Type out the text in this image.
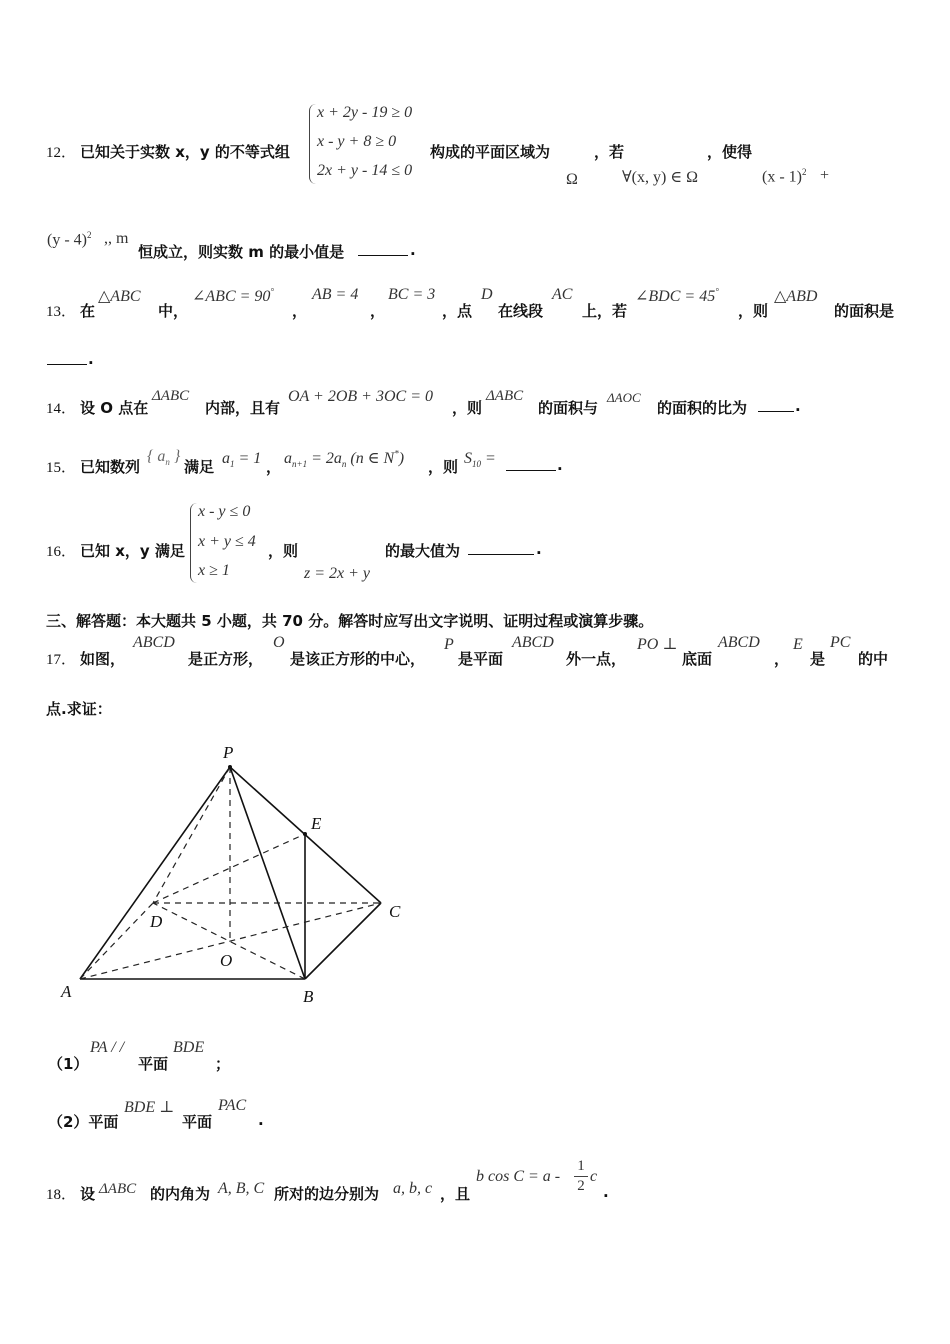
12． 已知关于实数 x，y 的不等式组
x + 2y - 19 ≥ 0
x - y + 8 ≥ 0
2x + y - 14 ≤ 0
构成的平面区域为	，若	，使得
Ω	∀(x, y) ∈ Ω	(x - 1)$^2$ +
(y - 4)$^2$ ,, m
恒成立，则实数 m 的最小值是	.
13． 在
△ABC
中，
∠ABC = 90°
，
AB = 4
，
BC = 3
，点
D
在线段
AC
上，若
∠BDC = 45°
，则
△ABD
的面积是
.
14． 设 O 点在
ΔABC
内部，且有
OA + 2OB + 3OC = 0
，则
ΔABC
的面积与
ΔAOC
的面积的比为	.
15． 已知数列
{ $a_n$ }
满足 $a_1 = 1$ ， $a_{n+1} = 2a_n$ (n ∈ N*) ，则 $S_{10}$ =	.
16． 已知 x，y 满足
x - y ≤ 0
x + y ≤ 4
x ≥ 1
，则
z = 2x + y
的最大值为	.
三、解答题：本大题共 5 小题，共 70 分。解答时应写出文字说明、证明过程或演算步骤。
17． 如图，
ABCD
是正方形，
O
是该正方形的中心，
P
是平面
ABCD
外一点，
PO ⊥
底面
ABCD
，
E
是
PC
的中
点.求证：
P
E
D
C
O
A	B
（1）
PA / /
平面
BDE
；
（2）平面
BDE ⊥
平面
PAC
.
18． 设 ΔABC 的内角为 A, B, C 所对的边分别为 a, b, c ，且
b cos C = a -
1
2
c
.
